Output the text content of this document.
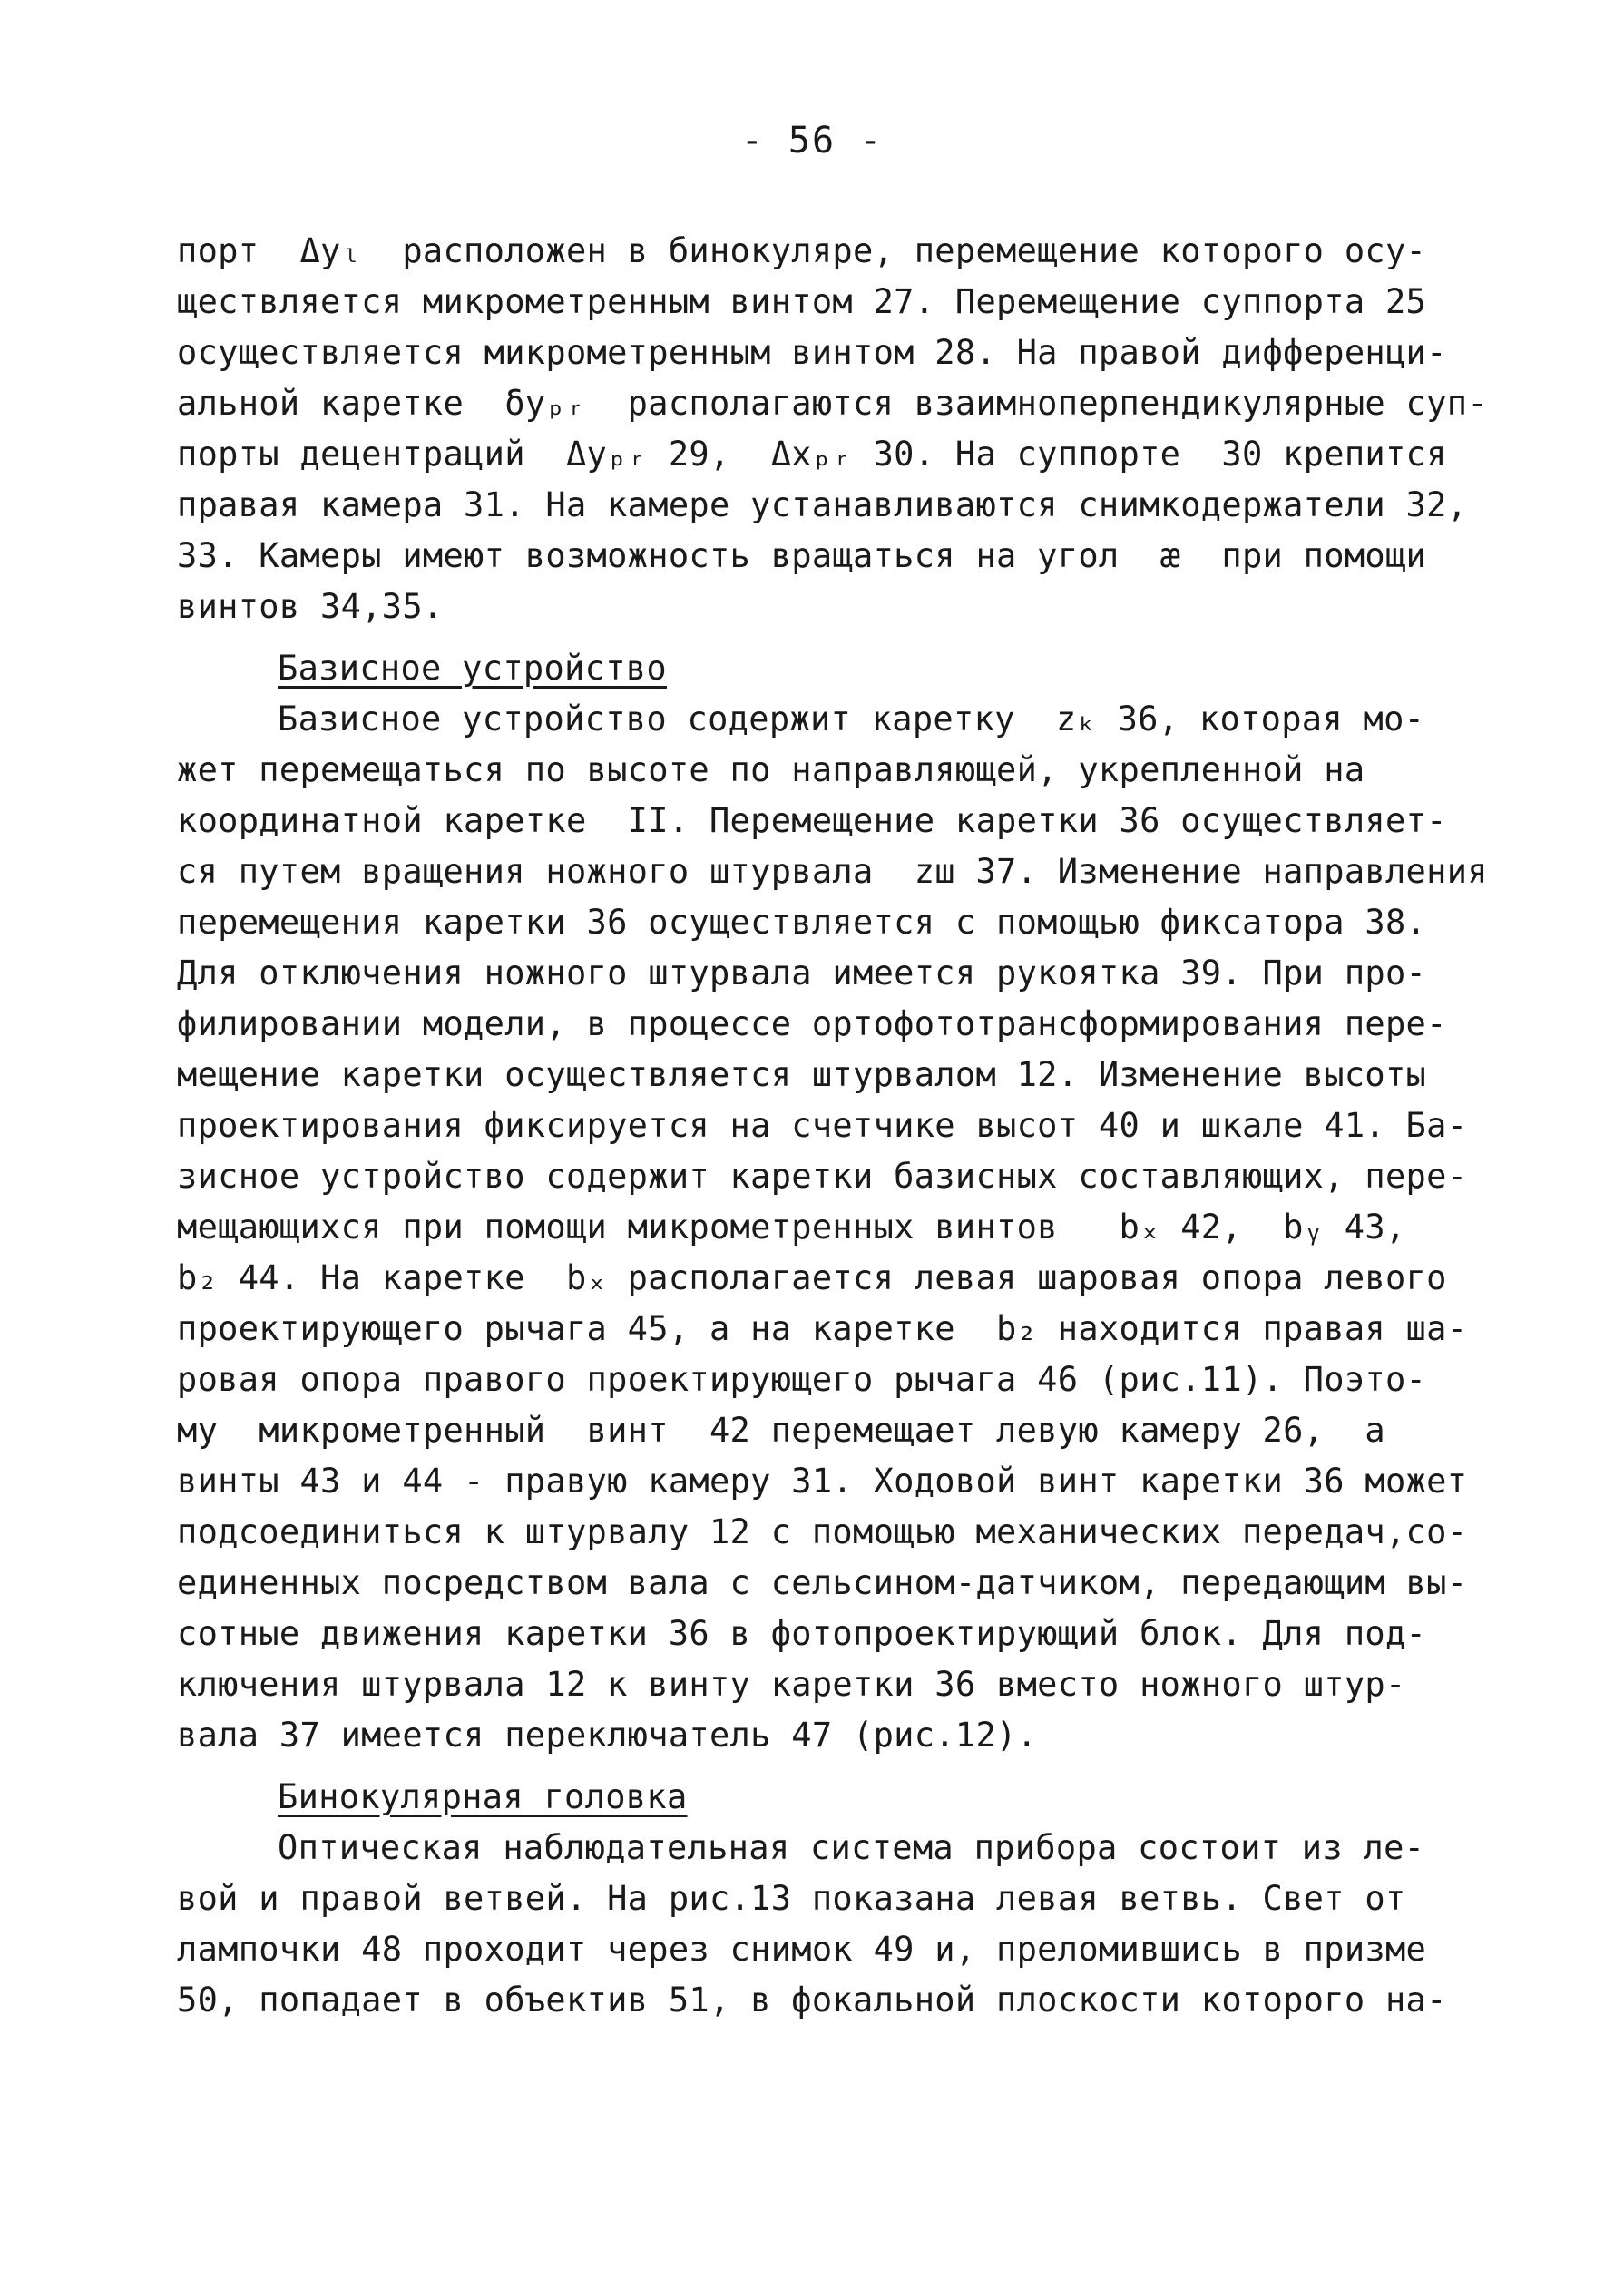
- 56 -
порт  Δyₗ  расположен в бинокуляре, перемещение которого осу-
ществляется микрометренным винтом 27. Перемещение суппорта 25
осуществляется микрометренным винтом 28. На правой дифференци-
альной каретке  δyₚᵣ  располагаются взаимноперпендикулярные суп-
порты децентраций  Δyₚᵣ 29,  Δxₚᵣ 30. На суппорте  30 крепится
правая камера 31. На камере устанавливаются снимкодержатели 32,
33. Камеры имеют возможность вращаться на угол  æ  при помощи
винтов 34,35.
Базисное устройство
Базисное устройство содержит каретку  zₖ 36, которая мо-
жет перемещаться по высоте по направляющей, укрепленной на
координатной каретке  II. Перемещение каретки 36 осуществляет-
ся путем вращения ножного штурвала  zш 37. Изменение направления
перемещения каретки 36 осуществляется с помощью фиксатора 38.
Для отключения ножного штурвала имеется рукоятка 39. При про-
филировании модели, в процессе ортофототрансформирования пере-
мещение каретки осуществляется штурвалом 12. Изменение высоты
проектирования фиксируется на счетчике высот 40 и шкале 41. Ба-
зисное устройство содержит каретки базисных составляющих, пере-
мещающихся при помощи микрометренных винтов   bₓ 42,  bᵧ 43,
b₂ 44. На каретке  bₓ располагается левая шаровая опора левого
проектирующего рычага 45, а на каретке  b₂ находится правая ша-
ровая опора правого проектирующего рычага 46 (рис.11). Поэто-
му  микрометренный  винт  42 перемещает левую камеру 26,  а
винты 43 и 44 - правую камеру 31. Ходовой винт каретки 36 может
подсоединиться к штурвалу 12 с помощью механических передач,со-
единенных посредством вала с сельсином-датчиком, передающим вы-
сотные движения каретки 36 в фотопроектирующий блок. Для под-
ключения штурвала 12 к винту каретки 36 вместо ножного штур-
вала 37 имеется переключатель 47 (рис.12).
Бинокулярная головка
Оптическая наблюдательная система прибора состоит из ле-
вой и правой ветвей. На рис.13 показана левая ветвь. Свет от
лампочки 48 проходит через снимок 49 и, преломившись в призме
50, попадает в объектив 51, в фокальной плоскости которого на-
